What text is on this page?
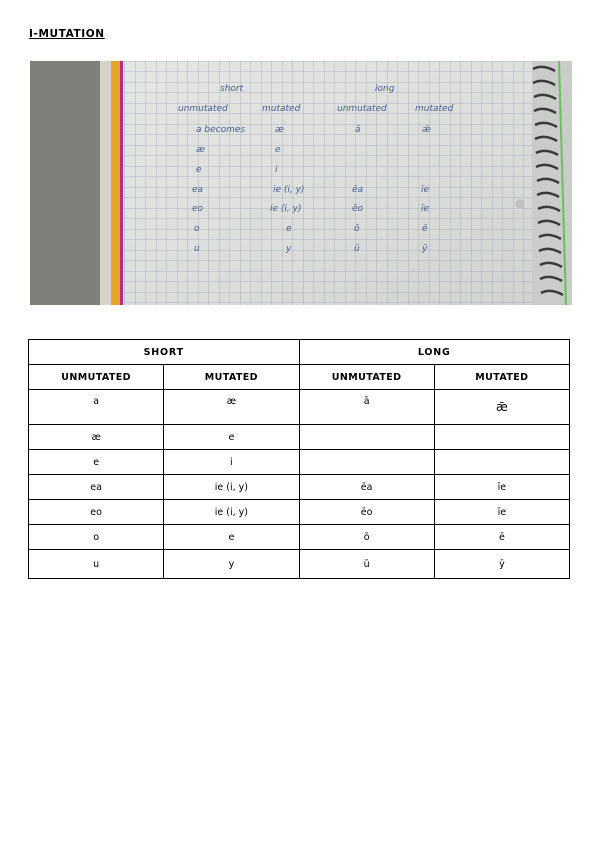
I-MUTATION
short	long
unmutated	mutated	unmutated	mutated
a becomes	æ	ā	ǣ
æ	e
e	i
ea	ie (i, y)	ēa	īe
eo	ie (i, y)	ēo	īe
o	e	ō	ē
u	y	ū	ȳ
SHORT		LONG	
UNMUTATED	MUTATED	UNMUTATED	MUTATED
a	æ	ā	ǣ
æ	e		
e	i		
ea	ie (i, y)	ēa	īe
eo	ie (i, y)	ēo	īe
o	e	ō	ē
u	y	ū	ȳ
